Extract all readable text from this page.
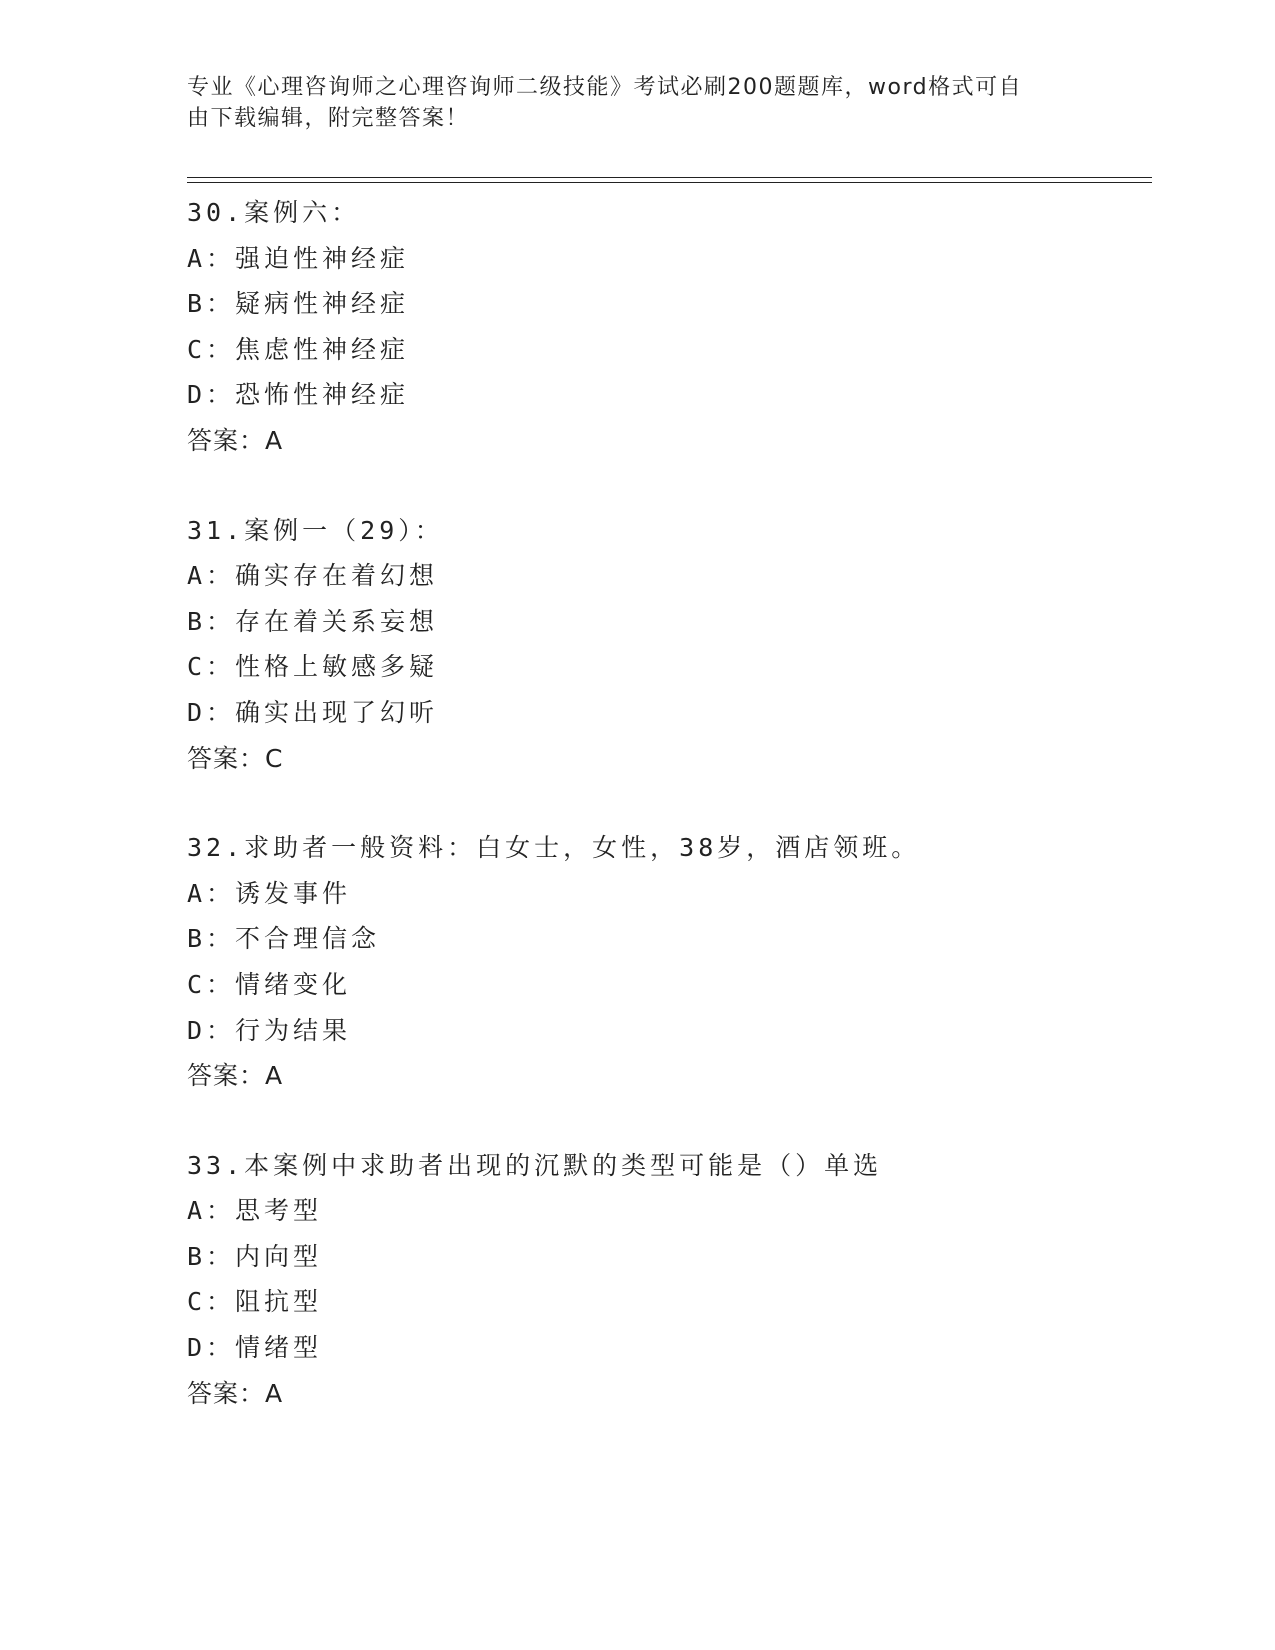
专业《心理咨询师之心理咨询师二级技能》考试必刷200题题库，word格式可自
由下载编辑，附完整答案！
30.案例六：
A：强迫性神经症
B：疑病性神经症
C：焦虑性神经症
D：恐怖性神经症
答案：A
31.案例一（29）：
A：确实存在着幻想
B：存在着关系妄想
C：性格上敏感多疑
D：确实出现了幻听
答案：C
32.求助者一般资料：白女士，女性，38岁，酒店领班。
A：诱发事件
B：不合理信念
C：情绪变化
D：行为结果
答案：A
33.本案例中求助者出现的沉默的类型可能是（）单选
A：思考型
B：内向型
C：阻抗型
D：情绪型
答案：A
